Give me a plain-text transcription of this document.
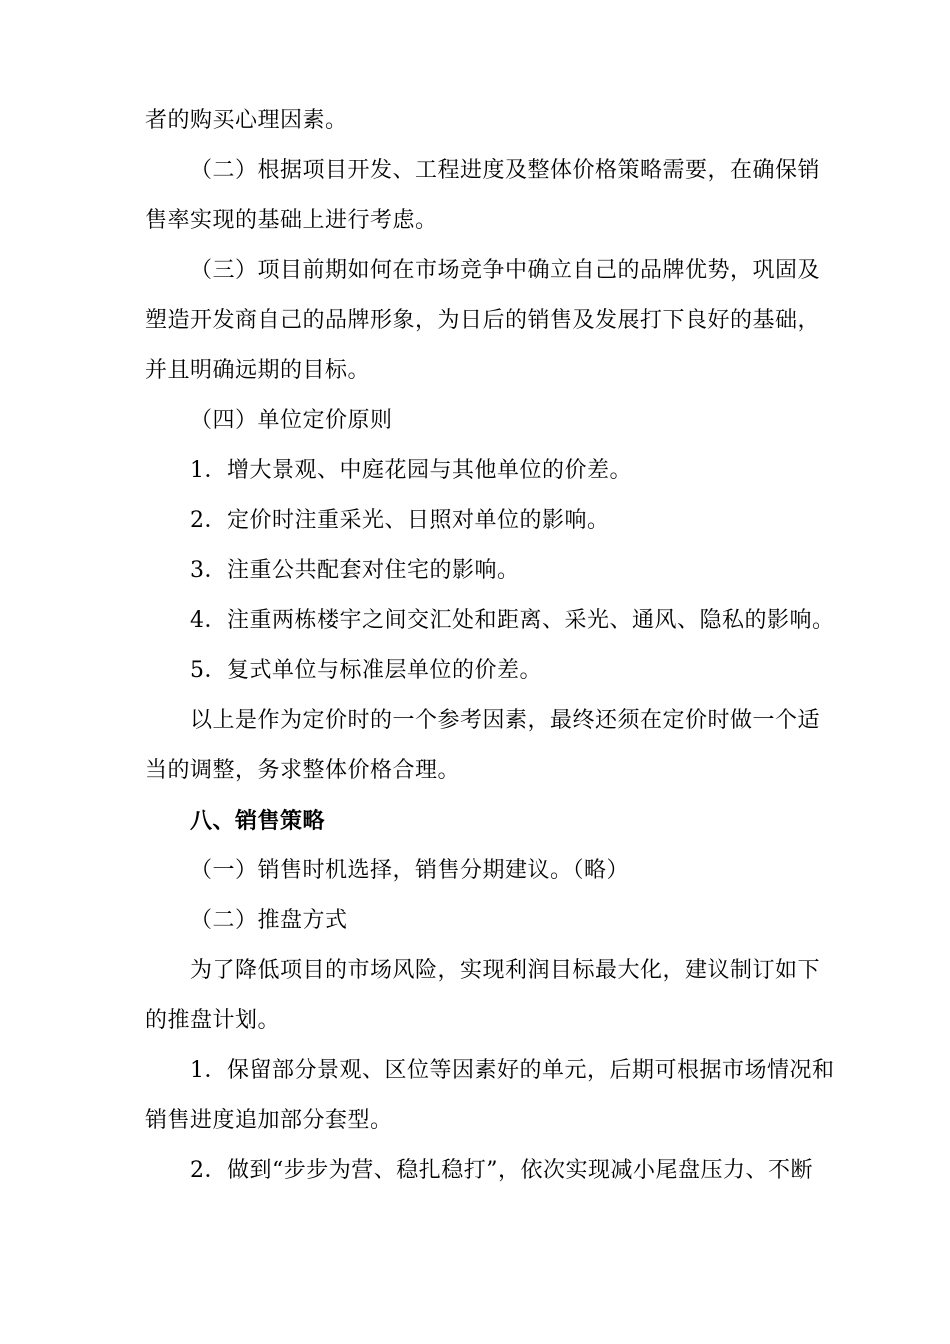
者的购买心理因素。
（二）根据项目开发、工程进度及整体价格策略需要，在确保销
售率实现的基础上进行考虑。
（三）项目前期如何在市场竞争中确立自己的品牌优势，巩固及
塑造开发商自己的品牌形象，为日后的销售及发展打下良好的基础，
并且明确远期的目标。
（四）单位定价原则
1．增大景观、中庭花园与其他单位的价差。
2．定价时注重采光、日照对单位的影响。
3．注重公共配套对住宅的影响。
4．注重两栋楼宇之间交汇处和距离、采光、通风、隐私的影响。
5．复式单位与标准层单位的价差。
以上是作为定价时的一个参考因素，最终还须在定价时做一个适
当的调整，务求整体价格合理。
八、销售策略
（一）销售时机选择，销售分期建议。（略）
（二）推盘方式
为了降低项目的市场风险，实现利润目标最大化，建议制订如下
的推盘计划。
1．保留部分景观、区位等因素好的单元，后期可根据市场情况和
销售进度追加部分套型。
2．做到“步步为营、稳扎稳打”，依次实现减小尾盘压力、不断
